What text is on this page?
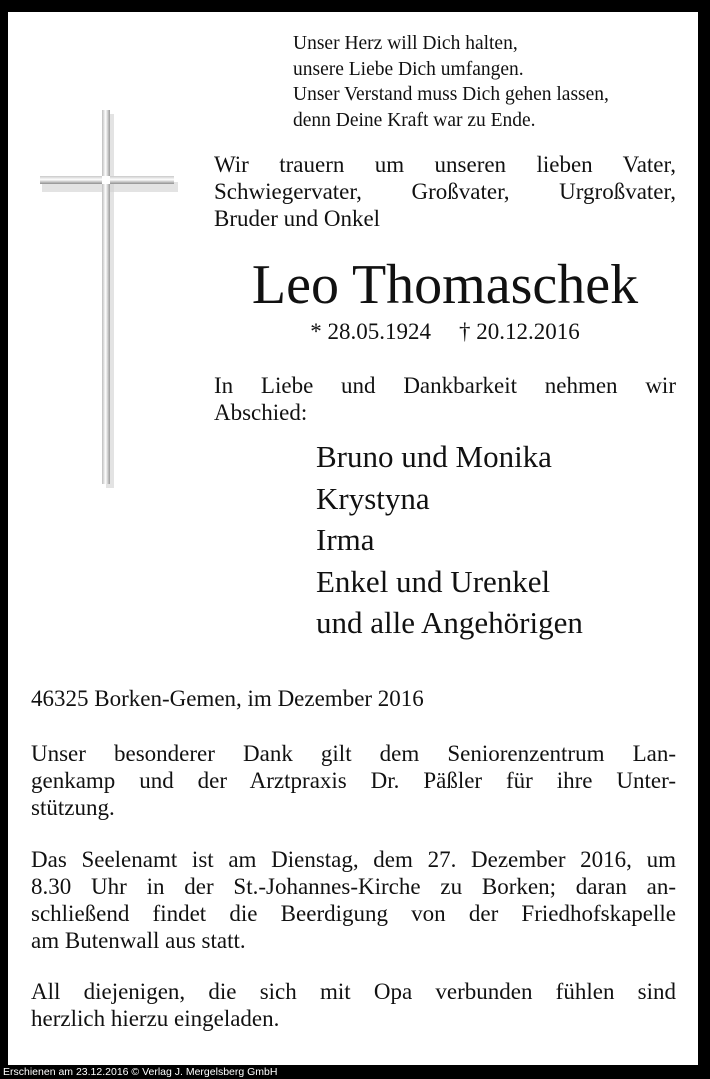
Unser Herz will Dich halten,
unsere Liebe Dich umfangen.
Unser Verstand muss Dich gehen lassen,
denn Deine Kraft war zu Ende.
Wir trauern um unseren lieben Vater,
Schwiegervater, Großvater, Urgroßvater,
Bruder und Onkel
Leo Thomaschek
* 28.05.1924 † 20.12.2016
In Liebe und Dankbarkeit nehmen wir
Abschied:
Bruno und Monika
Krystyna
Irma
Enkel und Urenkel
und alle Angehörigen
46325 Borken-Gemen, im Dezember 2016
Unser besonderer Dank gilt dem Seniorenzentrum Lan-
genkamp und der Arztpraxis Dr. Päßler für ihre Unter-
stützung.
Das Seelenamt ist am Dienstag, dem 27. Dezember 2016, um
8.30 Uhr in der St.-Johannes-Kirche zu Borken; daran an-
schließend findet die Beerdigung von der Friedhofskapelle
am Butenwall aus statt.
All diejenigen, die sich mit Opa verbunden fühlen sind
herzlich hierzu eingeladen.
Erschienen am 23.12.2016 © Verlag J. Mergelsberg GmbH
